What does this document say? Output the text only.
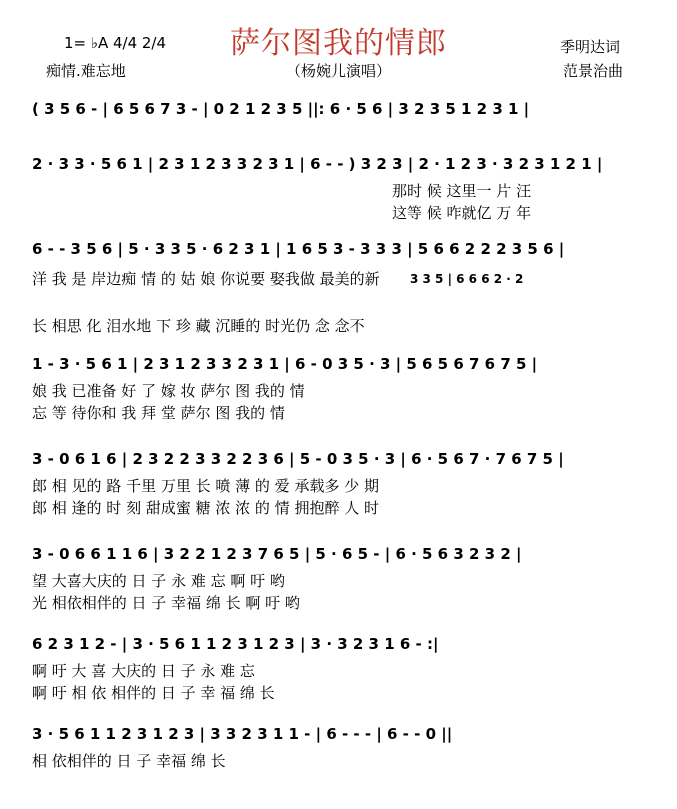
萨尔图我的情郎
1= ♭A 4/4 2/4
痴情.难忘地	（杨婉儿演唱）
季明达词
范景治曲
( 3 5 6 - | 6 5 6 7 3 - | 0 2 1 2 3 5 ||: 6 · 5 6 | 3 2 3 5 1 2 3 1 |
2 · 3 3 · 5 6 1 | 2 3 1 2 3 3 2 3 1 | 6 - - ) 3 2 3 | 2 · 1 2 3 · 3 2 3 1 2 1 |
那时 候 这里一 片 汪
这等 候 咋就亿 万 年
6 - - 3 5 6 | 5 · 3 3 5 · 6 2 3 1 | 1 6 5 3 - 3 3 3 | 5 6 6 2 2 2 3 5 6 |
3 3 5 | 6 6 6 2 · 2
洋 我 是 岸边痴 情 的 姑 娘 你说要 娶我做 最美的新
长 相思 化 泪水地 下 珍 藏 沉睡的 时光仍 念 念不
1 - 3 · 5 6 1 | 2 3 1 2 3 3 2 3 1 | 6 - 0 3 5 · 3 | 5 6 5 6 7 6 7 5 |
娘 我 已准备 好 了 嫁 妆 萨尔 图 我的 情
忘 等 待你和 我 拜 堂 萨尔 图 我的 情
3 - 0 6 1 6 | 2 3 2 2 3 3 2 2 3 6 | 5 - 0 3 5 · 3 | 6 · 5 6 7 · 7 6 7 5 |
郎 相 见的 路 千里 万里 长 喷 薄 的 爱 承载多 少 期
郎 相 逢的 时 刻 甜成蜜 糖 浓 浓 的 情 拥抱醉 人 时
3 - 0 6 6 1 1 6 | 3 2 2 1 2 3 7 6 5 | 5 · 6 5 - | 6 · 5 6 3 2 3 2 |
望 大喜大庆的 日 子 永 难 忘 啊 吁 哟
光 相依相伴的 日 子 幸福 绵 长 啊 吁 哟
6 2 3 1 2 - | 3 · 5 6 1 1 2 3 1 2 3 | 3 · 3 2 3 1 6 - :|
啊 吁 大 喜 大庆的 日 子 永 难 忘
啊 吁 相 依 相伴的 日 子 幸 福 绵 长
3 · 5 6 1 1 2 3 1 2 3 | 3 3 2 3 1 1 - | 6 - - - | 6 - - 0 ||
相 依相伴的 日 子 幸福 绵 长
